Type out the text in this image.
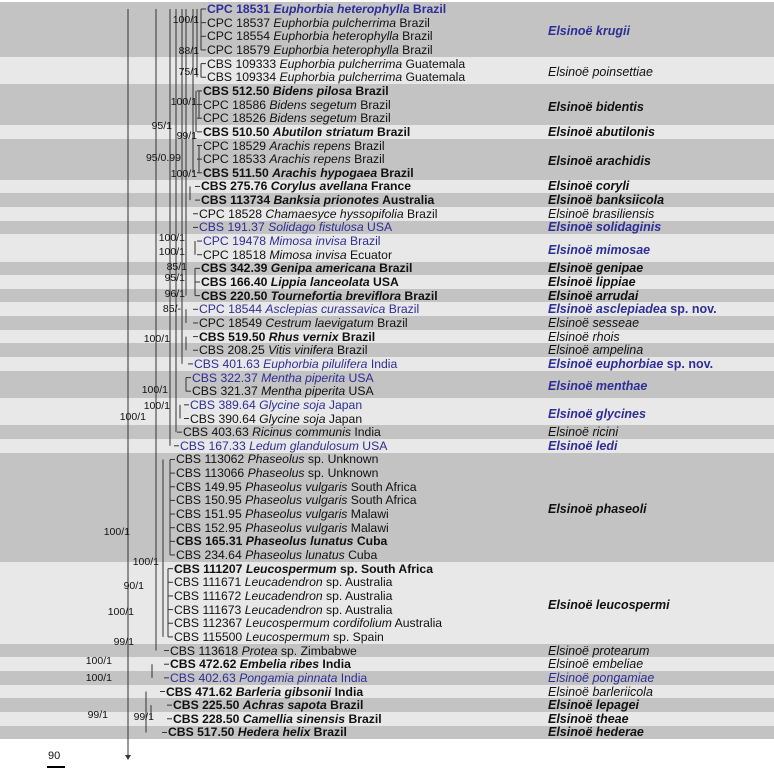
CPC 18531 Euphorbia heterophylla Brazil
CPC 18537 Euphorbia pulcherrima Brazil
CPC 18554 Euphorbia heterophylla Brazil
CPC 18579 Euphorbia heterophylla Brazil
CBS 109333 Euphorbia pulcherrima Guatemala
CBS 109334 Euphorbia pulcherrima Guatemala
CBS 512.50 Bidens pilosa Brazil
CPC 18586 Bidens segetum Brazil
CPC 18526 Bidens segetum Brazil
CBS 510.50 Abutilon striatum Brazil
CPC 18529 Arachis repens Brazil
CPC 18533 Arachis repens Brazil
CBS 511.50 Arachis hypogaea Brazil
CBS 275.76 Corylus avellana France
CBS 113734 Banksia prionotes Australia
CPC 18528 Chamaesyce hyssopifolia Brazil
CBS 191.37 Solidago fistulosa USA
CPC 19478 Mimosa invisa Brazil
CPC 18518 Mimosa invisa Ecuator
CBS 342.39 Genipa americana Brazil
CBS 166.40 Lippia lanceolata USA
CBS 220.50 Tournefortia breviflora Brazil
CPC 18544 Asclepias curassavica Brazil
CPC 18549 Cestrum laevigatum Brazil
CBS 519.50 Rhus vernix Brazil
CBS 208.25 Vitis vinifera Brazil
CBS 401.63 Euphorbia pilulifera India
CBS 322.37 Mentha piperita USA
CBS 321.37 Mentha piperita USA
CBS 389.64 Glycine soja Japan
CBS 390.64 Glycine soja Japan
CBS 403.63 Ricinus communis India
CBS 167.33 Ledum glandulosum USA
CBS 113062 Phaseolus sp. Unknown
CBS 113066 Phaseolus sp. Unknown
CBS 149.95 Phaseolus vulgaris South Africa
CBS 150.95 Phaseolus vulgaris South Africa
CBS 151.95 Phaseolus vulgaris Malawi
CBS 152.95 Phaseolus vulgaris Malawi
CBS 165.31 Phaseolus lunatus Cuba
CBS 234.64 Phaseolus lunatus Cuba
CBS 111207 Leucospermum sp. South Africa
CBS 111671 Leucadendron sp. Australia
CBS 111672 Leucadendron sp. Australia
CBS 111673 Leucadendron sp. Australia
CBS 112367 Leucospermum cordifolium Australia
CBS 115500 Leucospermum sp. Spain
CBS 113618 Protea sp. Zimbabwe
CBS 472.62 Embelia ribes India
CBS 402.63 Pongamia pinnata India
CBS 471.62 Barleria gibsonii India
CBS 225.50 Achras sapota Brazil
CBS 228.50 Camellia sinensis Brazil
CBS 517.50 Hedera helix Brazil
Elsinoë krugii
Elsinoë poinsettiae
Elsinoë bidentis
Elsinoë abutilonis
Elsinoë arachidis
Elsinoë coryli
Elsinoë banksiicola
Elsinoë brasiliensis
Elsinoë solidaginis
Elsinoë mimosae
Elsinoë genipae
Elsinoë lippiae
Elsinoë arrudai
Elsinoë asclepiadea sp. nov.
Elsinoë sesseae
Elsinoë rhois
Elsinoë ampelina
Elsinoë euphorbiae sp. nov.
Elsinoë menthae
Elsinoë glycines
Elsinoë ricini
Elsinoë ledi
Elsinoë phaseoli
Elsinoë leucospermi
Elsinoë protearum
Elsinoë embeliae
Elsinoë pongamiae
Elsinoë barleriicola
Elsinoë lepagei
Elsinoë theae
Elsinoë hederae
100/1
88/1
75/1
100/1
95/1
99/1
95/0.99
100/1
100/1
100/1
85/1
95/1
96/1
85/-
100/1
100/1
100/1
100/1
100/1
100/1
90/1
100/1
99/1
100/1
100/1
99/1 99/1
90
